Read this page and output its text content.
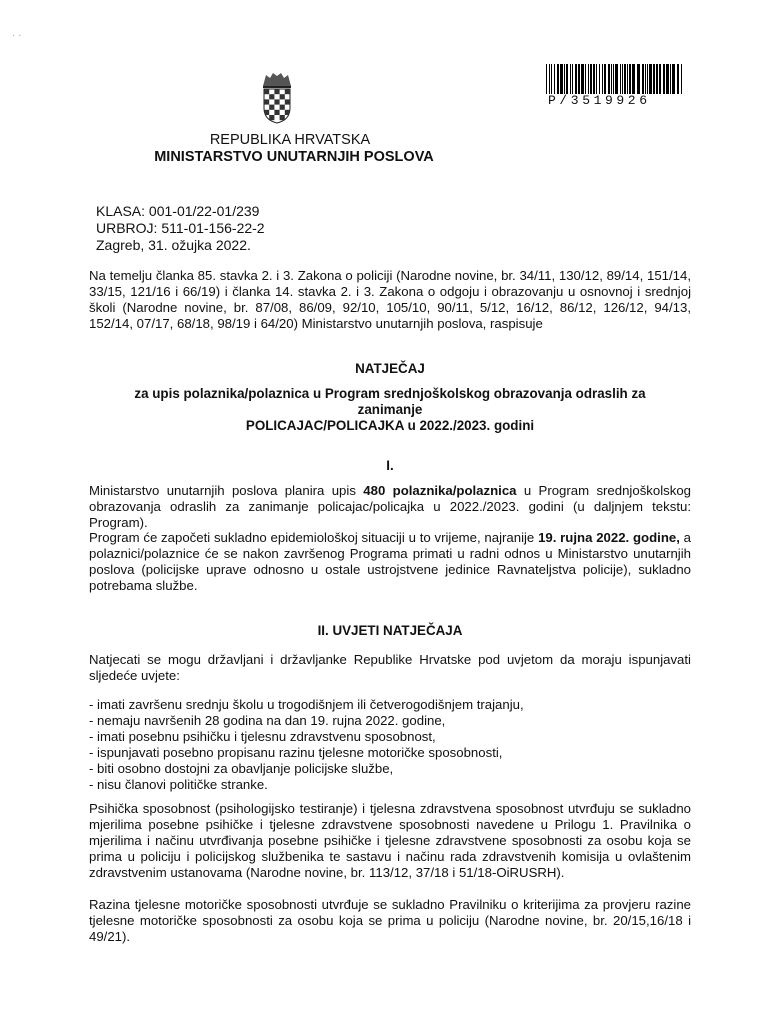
· ·
P/3519926
REPUBLIKA HRVATSKA
MINISTARSTVO UNUTARNJIH POSLOVA
KLASA: 001-01/22-01/239
URBROJ: 511-01-156-22-2
Zagreb, 31. ožujka 2022.
Na temelju članka 85. stavka 2. i 3. Zakona o policiji (Narodne novine, br. 34/11, 130/12, 89/14, 151/14, 33/15, 121/16 i 66/19) i članka 14. stavka 2. i 3. Zakona o odgoju i obrazovanju u osnovnoj i srednjoj školi (Narodne novine, br. 87/08, 86/09, 92/10, 105/10, 90/11, 5/12, 16/12, 86/12, 126/12, 94/13, 152/14, 07/17, 68/18, 98/19 i 64/20) Ministarstvo unutarnjih poslova, raspisuje
NATJEČAJ
za upis polaznika/polaznica u Program srednjoškolskog obrazovanja odraslih za zanimanje
POLICAJAC/POLICAJKA u 2022./2023. godini
I.
Ministarstvo unutarnjih poslova planira upis 480 polaznika/polaznica u Program srednjoškolskog obrazovanja odraslih za zanimanje policajac/policajka u 2022./2023. godini (u daljnjem tekstu: Program).
Program će započeti sukladno epidemiološkoj situaciji u to vrijeme, najranije 19. rujna 2022. godine, a polaznici/polaznice će se nakon završenog Programa primati u radni odnos u Ministarstvo unutarnjih poslova (policijske uprave odnosno u ostale ustrojstvene jedinice Ravnateljstva policije), sukladno potrebama službe.
II. UVJETI NATJEČAJA
Natjecati se mogu državljani i državljanke Republike Hrvatske pod uvjetom da moraju ispunjavati sljedeće uvjete:
- imati završenu srednju školu u trogodišnjem ili četverogodišnjem trajanju,
- nemaju navršenih 28 godina na dan 19. rujna 2022. godine,
- imati posebnu psihičku i tjelesnu zdravstvenu sposobnost,
- ispunjavati posebno propisanu razinu tjelesne motoričke sposobnosti,
- biti osobno dostojni za obavljanje policijske službe,
- nisu članovi političke stranke.
Psihička sposobnost (psihologijsko testiranje) i tjelesna zdravstvena sposobnost utvrđuju se sukladno mjerilima posebne psihičke i tjelesne zdravstvene sposobnosti navedene u Prilogu 1. Pravilnika o mjerilima i načinu utvrđivanja posebne psihičke i tjelesne zdravstvene sposobnosti za osobu koja se prima u policiju i policijskog službenika te sastavu i načinu rada zdravstvenih komisija u ovlaštenim zdravstvenim ustanovama (Narodne novine, br. 113/12, 37/18 i 51/18-OiRUSRH).
Razina tjelesne motoričke sposobnosti utvrđuje se sukladno Pravilniku o kriterijima za provjeru razine tjelesne motoričke sposobnosti za osobu koja se prima u policiju (Narodne novine, br. 20/15,16/18 i 49/21).
